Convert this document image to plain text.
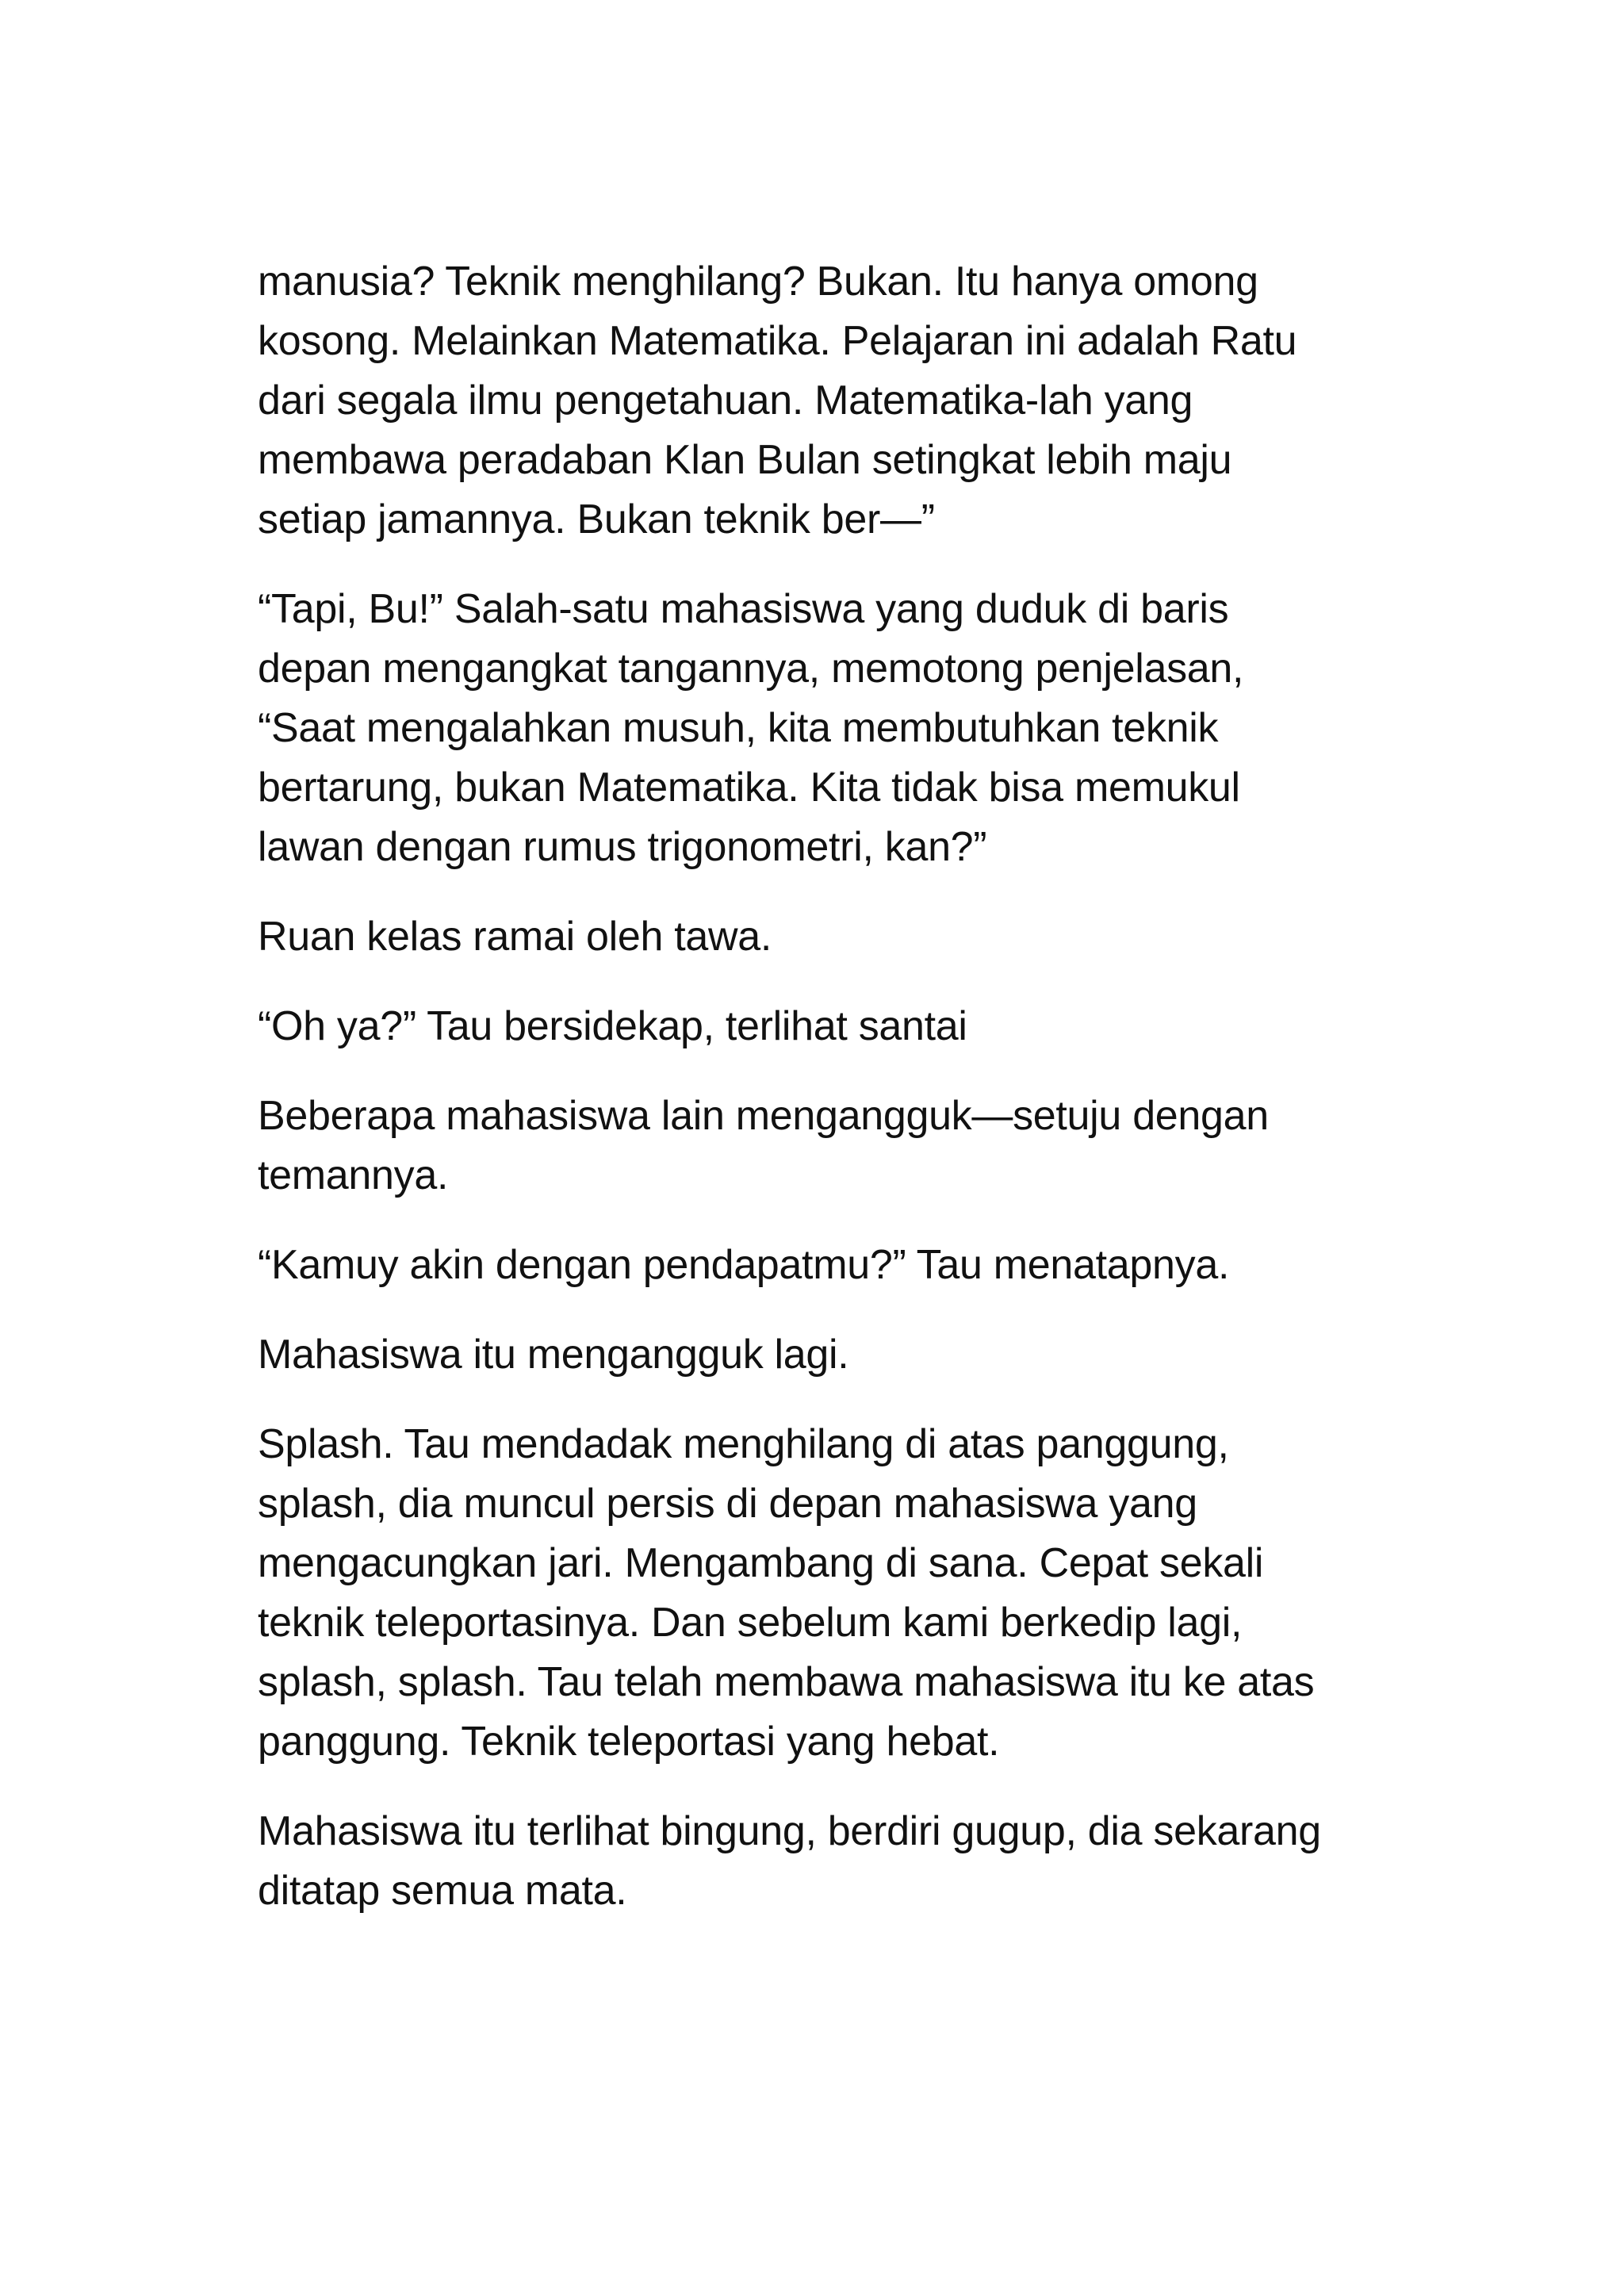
manusia? Teknik menghilang? Bukan. Itu hanya omong
kosong. Melainkan Matematika. Pelajaran ini adalah Ratu
dari segala ilmu pengetahuan. Matematika-lah yang
membawa peradaban Klan Bulan setingkat lebih maju
setiap jamannya. Bukan teknik ber—”

“Tapi, Bu!” Salah-satu mahasiswa yang duduk di baris
depan mengangkat tangannya, memotong penjelasan,
“Saat mengalahkan musuh, kita membutuhkan teknik
bertarung, bukan Matematika. Kita tidak bisa memukul
lawan dengan rumus trigonometri, kan?”

Ruan kelas ramai oleh tawa.

“Oh ya?” Tau bersidekap, terlihat santai

Beberapa mahasiswa lain mengangguk—setuju dengan
temannya.

“Kamuy akin dengan pendapatmu?” Tau menatapnya.

Mahasiswa itu mengangguk lagi.

Splash. Tau mendadak menghilang di atas panggung,
splash, dia muncul persis di depan mahasiswa yang
mengacungkan jari. Mengambang di sana. Cepat sekali
teknik teleportasinya. Dan sebelum kami berkedip lagi,
splash, splash. Tau telah membawa mahasiswa itu ke atas
panggung. Teknik teleportasi yang hebat.

Mahasiswa itu terlihat bingung, berdiri gugup, dia sekarang
ditatap semua mata.
